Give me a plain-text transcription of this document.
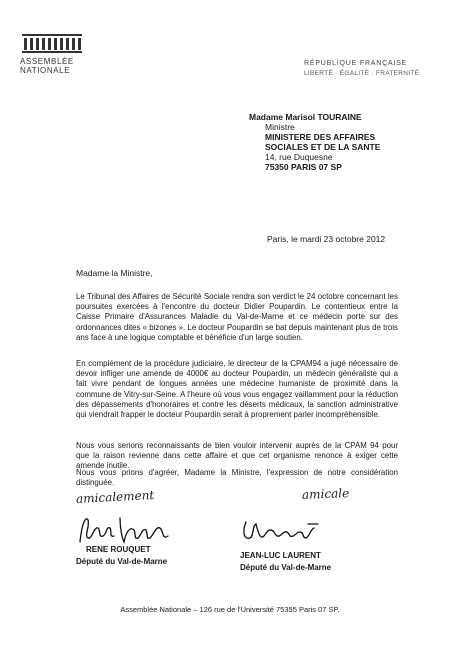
ASSEMBLÉE
NATIONALE
RÉPUBLIQUE FRANÇAISE
LIBERTÉ · ÉGALITÉ · FRATERNITÉ
Madame Marisol TOURAINE
Ministre
MINISTERE DES AFFAIRES
SOCIALES ET DE LA SANTE
14, rue Duquesne
75350 PARIS 07 SP
Paris, le mardi 23 octobre 2012
Madame la Ministre,
Le Tribunal des Affaires de Sécurité Sociale rendra son verdict le 24 octobre concernant les poursuites exercées à l'encontre du docteur Didier Poupardin. Le contentieux entre la Caisse Primaire d'Assurances Maladie du Val-de-Marne et ce médecin porte sur des ordonnances dites « bizones ». Le docteur Poupardin se bat depuis maintenant plus de trois ans face à une logique comptable et bénéficie d'un large soutien.
En complément de la procédure judiciaire, le directeur de la CPAM94 a jugé nécessaire de devoir infliger une amende de 4000€ au docteur Poupardin, un médecin généraliste qui a fait vivre pendant de longues années une médecine humaniste de proximité dans la commune de Vitry-sur-Seine. A l'heure où vous vous engagez vaillamment pour la réduction des dépassements d'honoraires et contre les déserts médicaux, la sanction administrative qui viendrait frapper le docteur Poupardin serait à proprement parler incompréhensible.
Nous vous serions reconnaissants de bien vouloir intervenir auprès de la CPAM 94 pour que la raison revienne dans cette affaire et que cet organisme renonce à exiger cette amende inutile.
Nous vous prions d'agréer, Madame la Ministre, l'expression de notre considération distinguée.
amicalement	amicale
RENE ROUQUET
Député du Val-de-Marne
JEAN-LUC LAURENT
Député du Val-de-Marne
Assemblée Nationale – 126 rue de l'Université 75355 Paris 07 SP.
